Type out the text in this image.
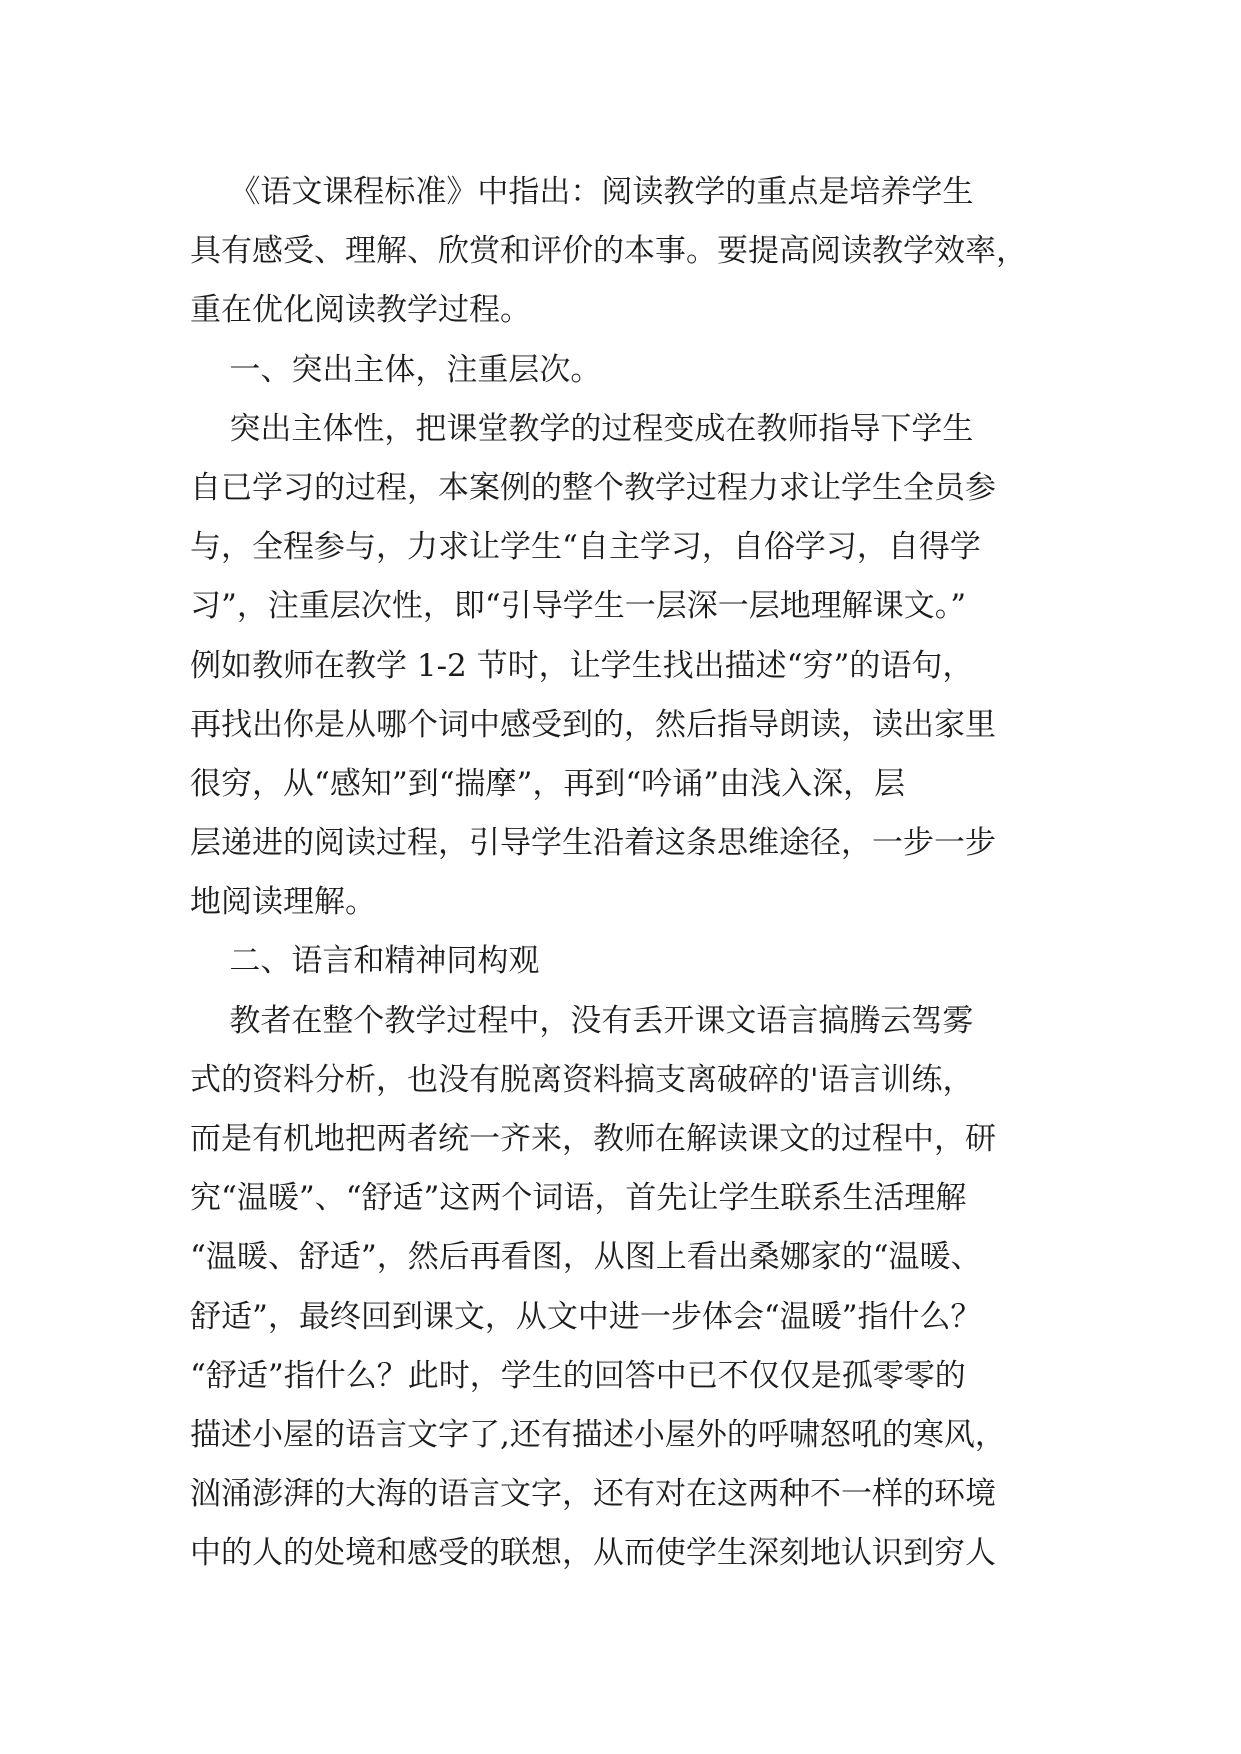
《语文课程标准》中指出：阅读教学的重点是培养学生
具有感受、理解、欣赏和评价的本事。要提高阅读教学效率，
重在优化阅读教学过程。
一、突出主体，注重层次。
突出主体性，把课堂教学的过程变成在教师指导下学生
自已学习的过程，本案例的整个教学过程力求让学生全员参
与，全程参与，力求让学生“自主学习，自俗学习，自得学
习”，注重层次性，即“引导学生一层深一层地理解课文。”
例如教师在教学 1-2 节时，让学生找出描述“穷”的语句，
再找出你是从哪个词中感受到的，然后指导朗读，读出家里
很穷，从“感知”到“揣摩”，再到“吟诵”由浅入深，层
层递进的阅读过程，引导学生沿着这条思维途径，一步一步
地阅读理解。
二、语言和精神同构观
教者在整个教学过程中，没有丢开课文语言搞腾云驾雾
式的资料分析，也没有脱离资料搞支离破碎的'语言训练，
而是有机地把两者统一齐来，教师在解读课文的过程中，研
究“温暖”、“舒适”这两个词语，首先让学生联系生活理解
“温暖、舒适”，然后再看图，从图上看出桑娜家的“温暖、
舒适”，最终回到课文，从文中进一步体会“温暖”指什么？
“舒适”指什么？此时，学生的回答中已不仅仅是孤零零的
描述小屋的语言文字了,还有描述小屋外的呼啸怒吼的寒风，
汹涌澎湃的大海的语言文字，还有对在这两种不一样的环境
中的人的处境和感受的联想，从而使学生深刻地认识到穷人
